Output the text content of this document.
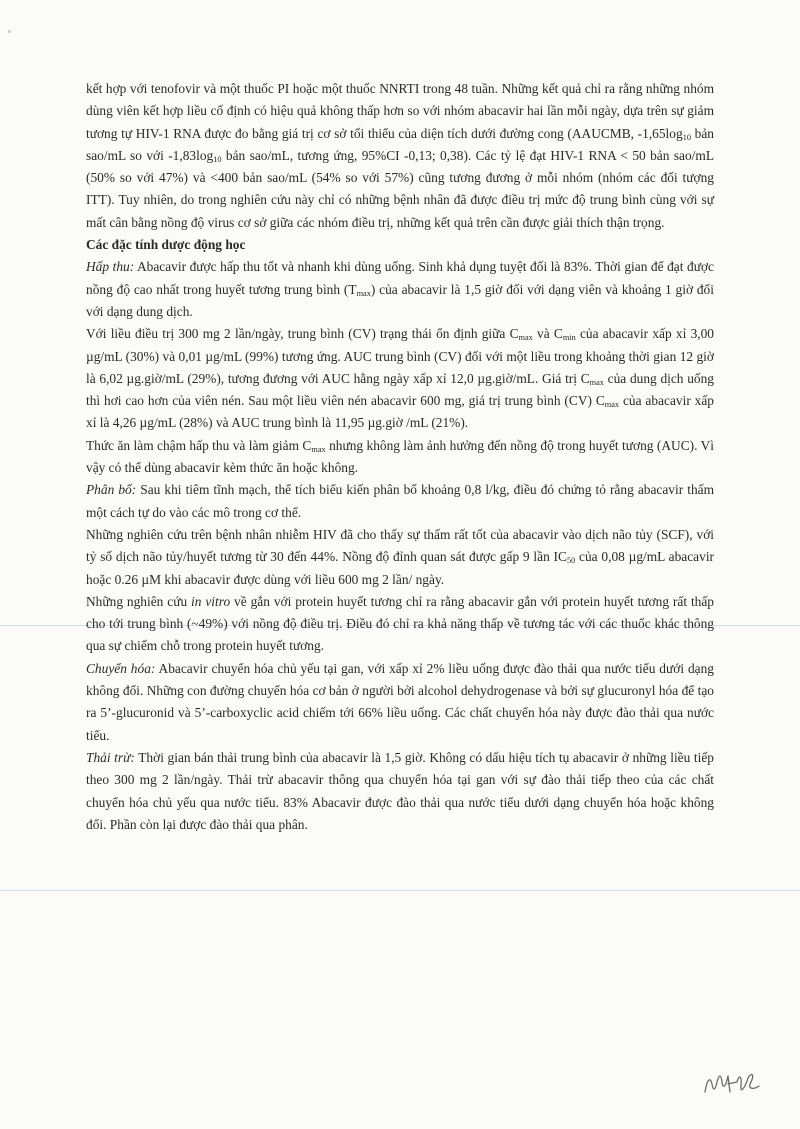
kết hợp với tenofovir và một thuốc PI hoặc một thuốc NNRTI trong 48 tuần. Những kết quả chỉ ra rằng những nhóm dùng viên kết hợp liều cố định có hiệu quả không thấp hơn so với nhóm abacavir hai lần mỗi ngày, dựa trên sự giảm tương tự HIV-1 RNA được đo bằng giá trị cơ sở tối thiểu của diện tích dưới đường cong (AAUCMB, $-1,65\log_{10}$ bản sao/mL so với $-1,83\log_{10}$ bản sao/mL, tương ứng, 95%CI -0,13; 0,38). Các tỷ lệ đạt HIV-1 RNA < 50 bản sao/mL (50% so với 47%) và <400 bản sao/mL (54% so với 57%) cũng tương đương ở mỗi nhóm (nhóm các đối tượng ITT). Tuy nhiên, do trong nghiên cứu này chỉ có những bệnh nhân đã được điều trị mức độ trung bình cùng với sự mất cân bằng nồng độ virus cơ sở giữa các nhóm điều trị, những kết quả trên cần được giải thích thận trọng.

Các đặc tính dược động học

Hấp thu: Abacavir được hấp thu tốt và nhanh khi dùng uống. Sinh khả dụng tuyệt đối là 83%. Thời gian để đạt được nồng độ cao nhất trong huyết tương trung bình $(T_{max})$ của abacavir là 1,5 giờ đối với dạng viên và khoảng 1 giờ đối với dạng dung dịch.

Với liều điều trị 300 mg 2 lần/ngày, trung bình (CV) trạng thái ổn định giữa $C_{max}$ và $C_{min}$ của abacavir xấp xỉ 3,00 µg/mL (30%) và 0,01 µg/mL (99%) tương ứng. AUC trung bình (CV) đối với một liều trong khoảng thời gian 12 giờ là 6,02 µg.giờ/mL (29%), tương đương với AUC hằng ngày xấp xỉ 12,0 µg.giờ/mL. Giá trị $C_{max}$ của dung dịch uống thì hơi cao hơn của viên nén. Sau một liều viên nén abacavir 600 mg, giá trị trung bình (CV) $C_{max}$ của abacavir xấp xỉ là 4,26 µg/mL (28%) và AUC trung bình là 11,95 µg.giờ /mL (21%).

Thức ăn làm chậm hấp thu và làm giảm $C_{max}$ nhưng không làm ảnh hưởng đến nồng độ trong huyết tương (AUC). Vì vậy có thể dùng abacavir kèm thức ăn hoặc không.

Phân bố: Sau khi tiêm tĩnh mạch, thể tích biểu kiến phân bố khoảng 0,8 l/kg, điều đó chứng tỏ rằng abacavir thấm một cách tự do vào các mô trong cơ thể.

Những nghiên cứu trên bệnh nhân nhiễm HIV đã cho thấy sự thấm rất tốt của abacavir vào dịch não tủy (SCF), với tỷ số dịch não tủy/huyết tương từ 30 đến 44%. Nồng độ đỉnh quan sát được gấp 9 lần $IC_{50}$ của 0,08 µg/mL abacavir hoặc 0.26 µM khi abacavir được dùng với liều 600 mg 2 lần/ ngày.

Những nghiên cứu in vitro về gắn với protein huyết tương chỉ ra rằng abacavir gắn với protein huyết tương rất thấp cho tới trung bình (~49%) với nồng độ điều trị. Điều đó chỉ ra khả năng thấp về tương tác với các thuốc khác thông qua sự chiếm chỗ trong protein huyết tương.

Chuyển hóa: Abacavir chuyển hóa chủ yếu tại gan, với xấp xỉ 2% liều uống được đào thải qua nước tiểu dưới dạng không đổi. Những con đường chuyển hóa cơ bản ở người bởi alcohol dehydrogenase và bởi sự glucuronyl hóa để tạo ra 5’-glucuronid và 5’-carboxyclic acid chiếm tới 66% liều uống. Các chất chuyển hóa này được đào thải qua nước tiểu.

Thải trừ: Thời gian bán thải trung bình của abacavir là 1,5 giờ. Không có dấu hiệu tích tụ abacavir ở những liều tiếp theo 300 mg 2 lần/ngày. Thải trừ abacavir thông qua chuyển hóa tại gan với sự đào thải tiếp theo của các chất chuyển hóa chủ yếu qua nước tiểu. 83% Abacavir được đào thải qua nước tiểu dưới dạng chuyển hóa hoặc không đổi. Phần còn lại được đào thải qua phân.
